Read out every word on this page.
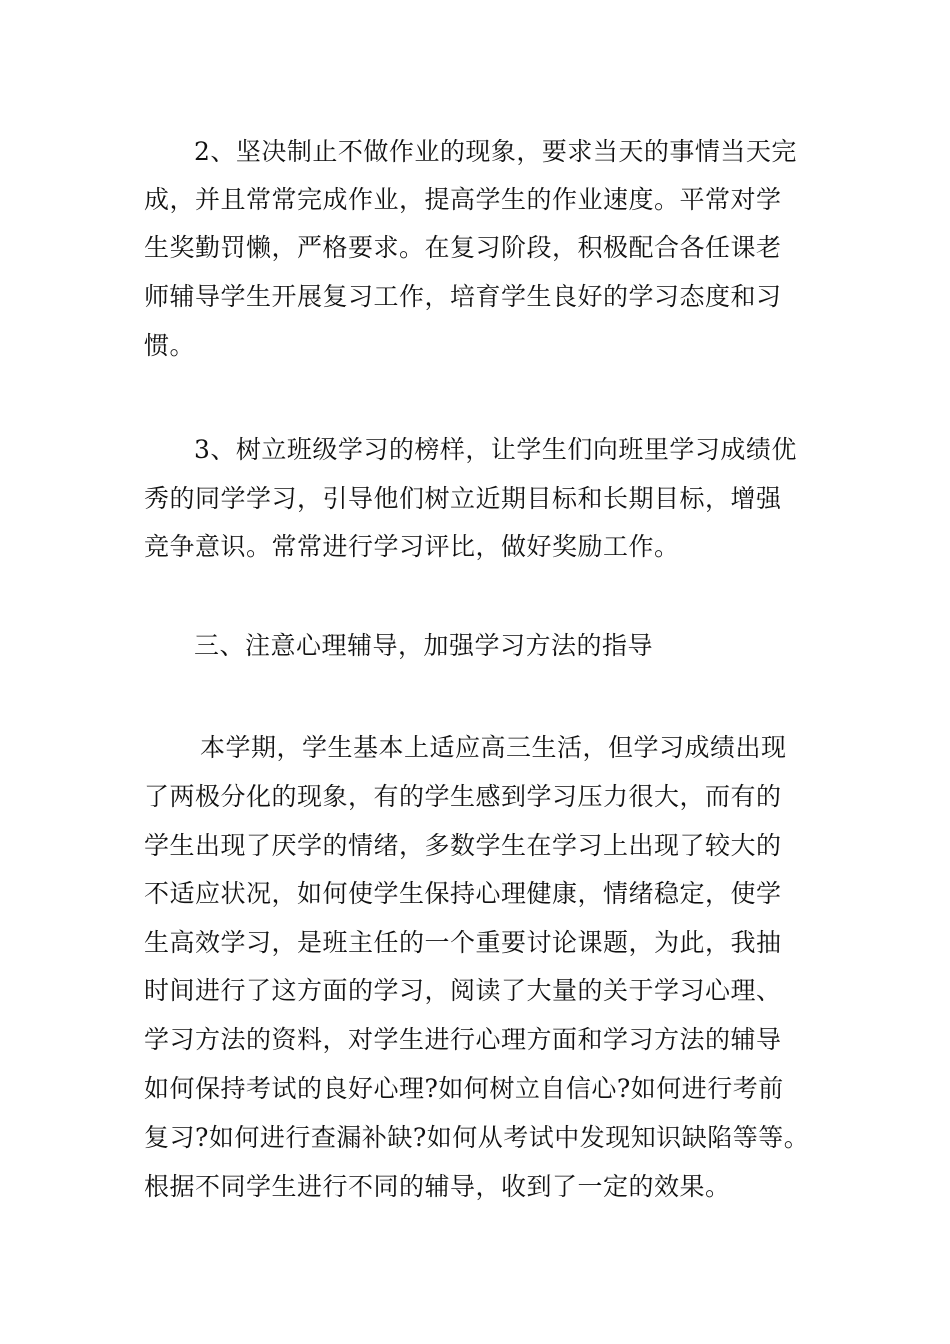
2、坚决制止不做作业的现象，要求当天的事情当天完

成，并且常常完成作业，提高学生的作业速度。平常对学

生奖勤罚懒，严格要求。在复习阶段，积极配合各任课老

师辅导学生开展复习工作，培育学生良好的学习态度和习

惯。

3、树立班级学习的榜样，让学生们向班里学习成绩优

秀的同学学习，引导他们树立近期目标和长期目标，增强

竞争意识。常常进行学习评比，做好奖励工作。

三、注意心理辅导，加强学习方法的指导

本学期，学生基本上适应高三生活，但学习成绩出现

了两极分化的现象，有的学生感到学习压力很大，而有的

学生出现了厌学的情绪，多数学生在学习上出现了较大的

不适应状况，如何使学生保持心理健康，情绪稳定，使学

生高效学习，是班主任的一个重要讨论课题，为此，我抽

时间进行了这方面的学习，阅读了大量的关于学习心理、

学习方法的资料，对学生进行心理方面和学习方法的辅导

如何保持考试的良好心理?如何树立自信心?如何进行考前

复习?如何进行查漏补缺?如何从考试中发现知识缺陷等等。

根据不同学生进行不同的辅导，收到了一定的效果。
